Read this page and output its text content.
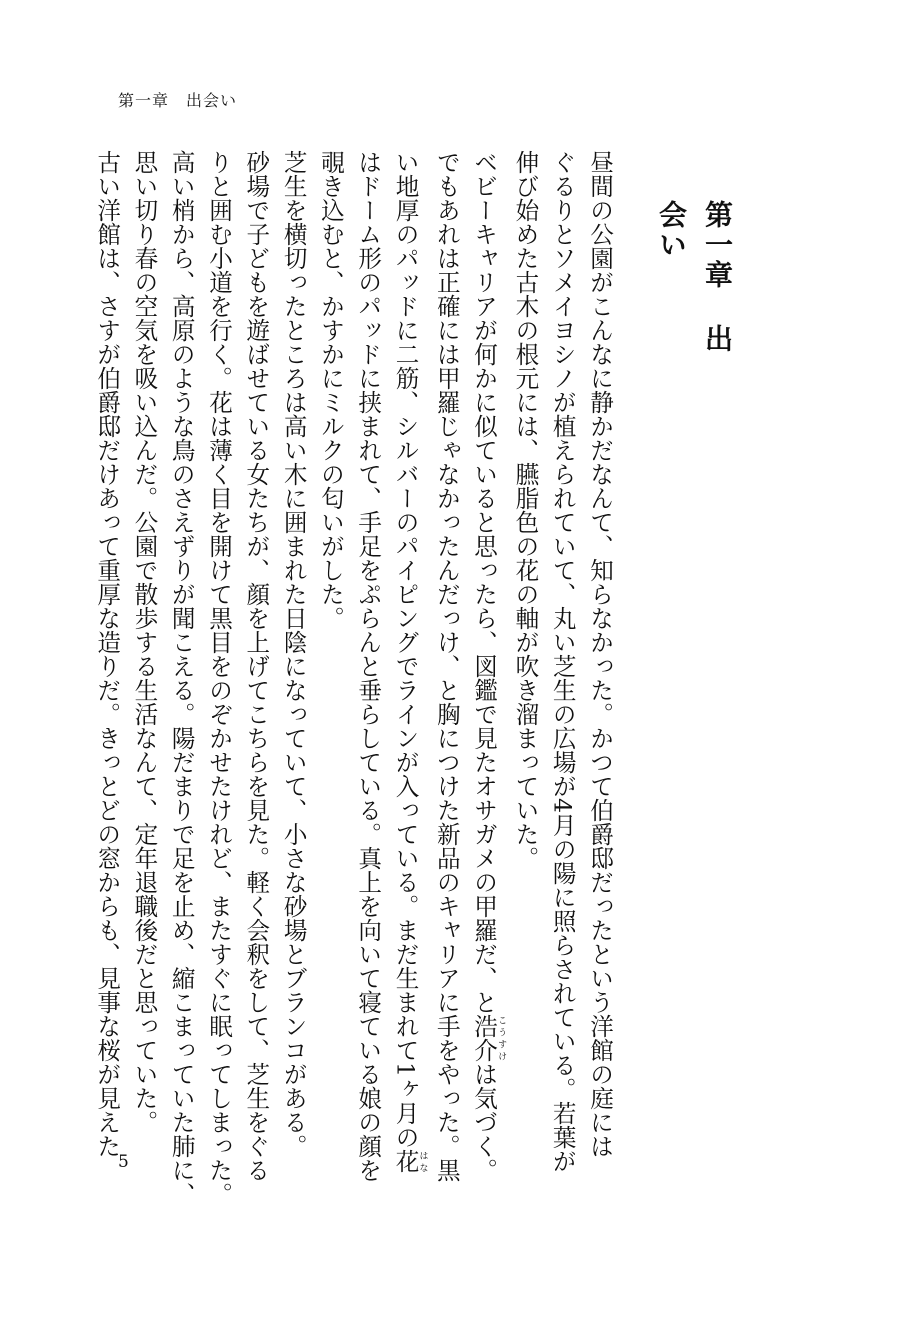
第一章　出会い
第一章出会い
昼間の公園がこんなに静かだなんて、知らなかった。かつて伯爵邸だったという洋館の庭には
ぐるりとソメイヨシノが植えられていて、丸い芝生の広場が4月の陽に照らされている。若葉が
伸び始めた古木の根元には、臙脂色の花の軸が吹き溜まっていた。
ベビーキャリアが何かに似ていると思ったら、図鑑で見たオサガメの甲羅だ、と浩介こうすけは気づく。
でもあれは正確には甲羅じゃなかったんだっけ、と胸につけた新品のキャリアに手をやった。黒
い地厚のパッドに二筋、シルバーのパイピングでラインが入っている。まだ生まれて1ヶ月の花はな
はドーム形のパッドに挟まれて、手足をぷらんと垂らしている。真上を向いて寝ている娘の顔を
覗き込むと、かすかにミルクの匂いがした。
芝生を横切ったところは高い木に囲まれた日陰になっていて、小さな砂場とブランコがある。
砂場で子どもを遊ばせている女たちが、顔を上げてこちらを見た。軽く会釈をして、芝生をぐる
りと囲む小道を行く。花は薄く目を開けて黒目をのぞかせたけれど、またすぐに眠ってしまった。
高い梢から、高原のような鳥のさえずりが聞こえる。陽だまりで足を止め、縮こまっていた肺に、
思い切り春の空気を吸い込んだ。公園で散歩する生活なんて、定年退職後だと思っていた。
古い洋館は、さすが伯爵邸だけあって重厚な造りだ。きっとどの窓からも、見事な桜が見えた
5
